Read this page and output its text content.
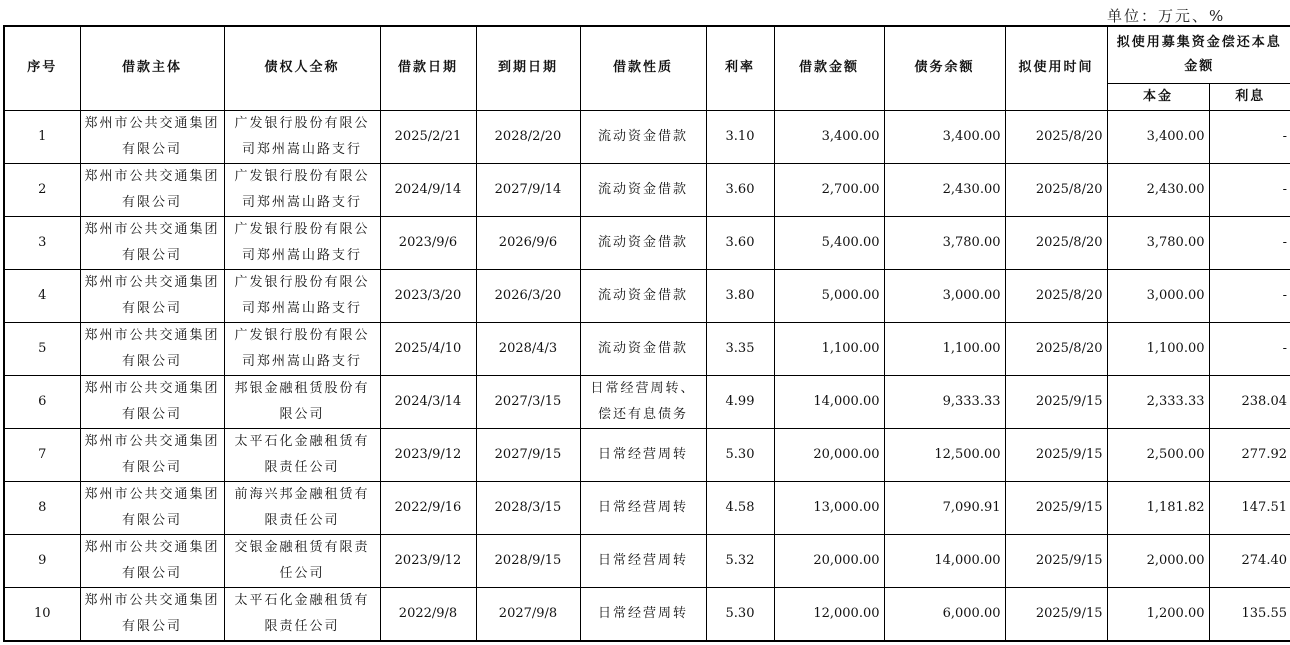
单位：万元、%
序号	借款主体	债权人全称	借款日期	到期日期	借款性质	利率	借款金额	债务余额	拟使用时间	拟使用募集资金偿还本息金额	
										本金	利息
1	郑州市公共交通集团有限公司	广发银行股份有限公司郑州嵩山路支行	2025/2/21	2028/2/20	流动资金借款	3.10	3,400.00	3,400.00	2025/8/20	3,400.00	-
2	郑州市公共交通集团有限公司	广发银行股份有限公司郑州嵩山路支行	2024/9/14	2027/9/14	流动资金借款	3.60	2,700.00	2,430.00	2025/8/20	2,430.00	-
3	郑州市公共交通集团有限公司	广发银行股份有限公司郑州嵩山路支行	2023/9/6	2026/9/6	流动资金借款	3.60	5,400.00	3,780.00	2025/8/20	3,780.00	-
4	郑州市公共交通集团有限公司	广发银行股份有限公司郑州嵩山路支行	2023/3/20	2026/3/20	流动资金借款	3.80	5,000.00	3,000.00	2025/8/20	3,000.00	-
5	郑州市公共交通集团有限公司	广发银行股份有限公司郑州嵩山路支行	2025/4/10	2028/4/3	流动资金借款	3.35	1,100.00	1,100.00	2025/8/20	1,100.00	-
6	郑州市公共交通集团有限公司	邦银金融租赁股份有限公司	2024/3/14	2027/3/15	日常经营周转、偿还有息债务	4.99	14,000.00	9,333.33	2025/9/15	2,333.33	238.04
7	郑州市公共交通集团有限公司	太平石化金融租赁有限责任公司	2023/9/12	2027/9/15	日常经营周转	5.30	20,000.00	12,500.00	2025/9/15	2,500.00	277.92
8	郑州市公共交通集团有限公司	前海兴邦金融租赁有限责任公司	2022/9/16	2028/3/15	日常经营周转	4.58	13,000.00	7,090.91	2025/9/15	1,181.82	147.51
9	郑州市公共交通集团有限公司	交银金融租赁有限责任公司	2023/9/12	2028/9/15	日常经营周转	5.32	20,000.00	14,000.00	2025/9/15	2,000.00	274.40
10	郑州市公共交通集团有限公司	太平石化金融租赁有限责任公司	2022/9/8	2027/9/8	日常经营周转	5.30	12,000.00	6,000.00	2025/9/15	1,200.00	135.55
